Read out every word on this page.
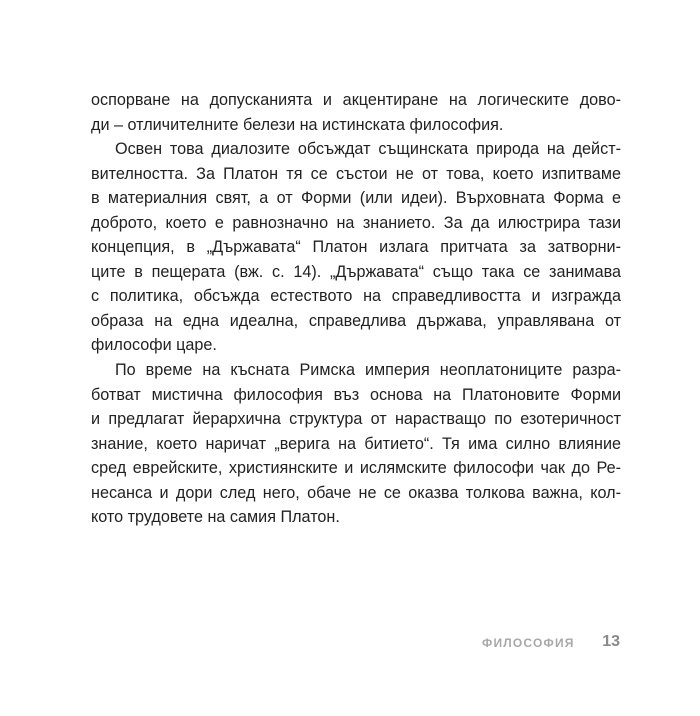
оспорване на допусканията и акцентиране на логическите дово-
ди – отличителните белези на истинската философия.
Освен това диалозите обсъждат същинската природа на дейст-
вителността. За Платон тя се състои не от това, което изпитваме
в материалния свят, а от Форми (или идеи). Върховната Форма е
доброто, което е равнозначно на знанието. За да илюстрира тази
концепция, в „Държавата“ Платон излага притчата за затворни-
ците в пещерата (вж. с. 14). „Държавата“ също така се занимава
с политика, обсъжда естеството на справедливостта и изгражда
образа на една идеална, справедлива държава, управлявана от
философи царе.
По време на късната Римска империя неоплатониците разра-
ботват мистична философия въз основа на Платоновите Форми
и предлагат йерархична структура от нарастващо по езотеричност
знание, което наричат „верига на битието“. Тя има силно влияние
сред еврейските, християнските и ислямските философи чак до Ре-
несанса и дори след него, обаче не се оказва толкова важна, кол-
кото трудовете на самия Платон.
ФИЛОСОФИЯ 13
